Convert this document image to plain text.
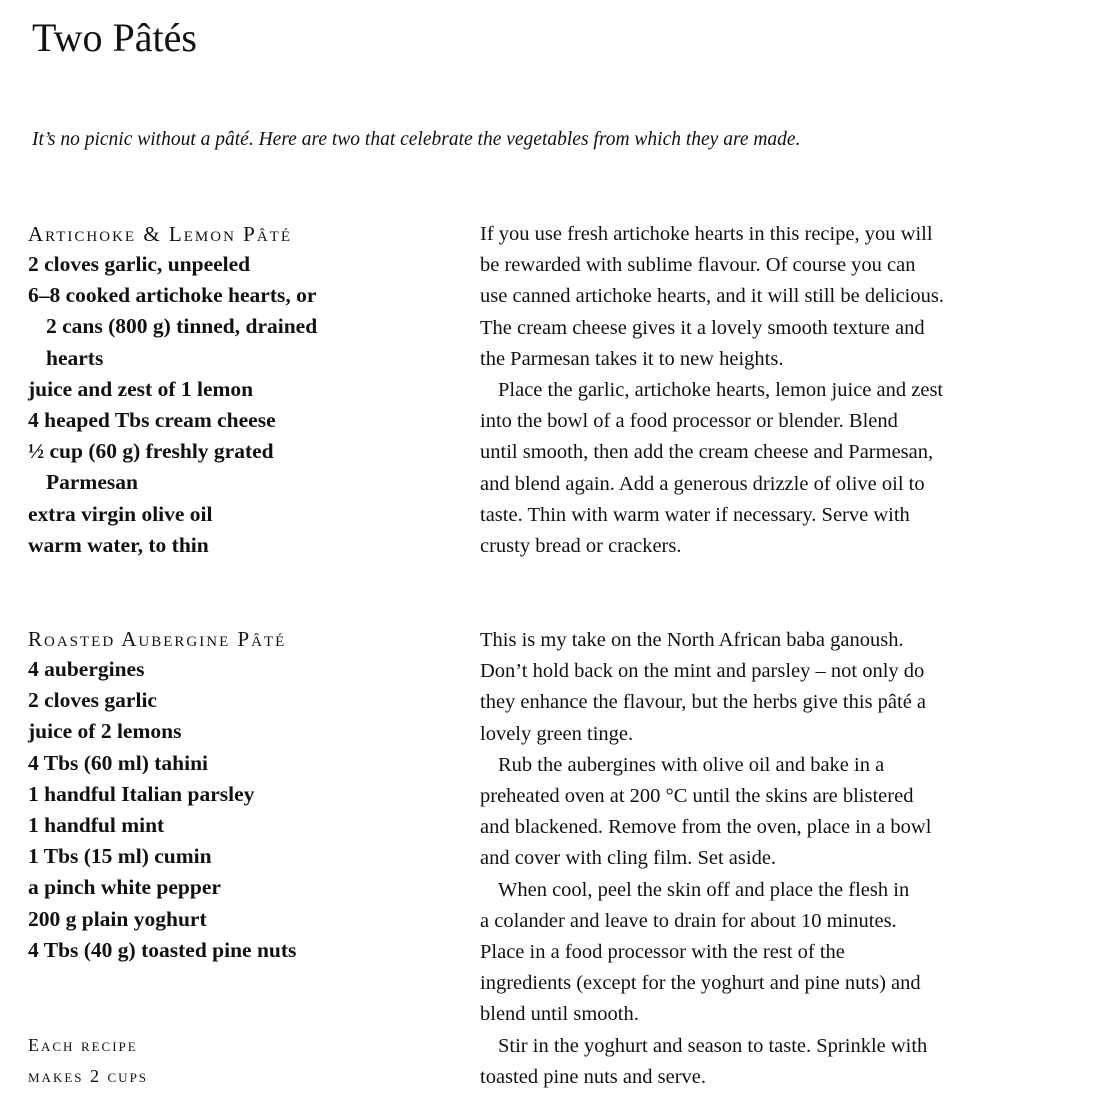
Two Pâtés

It’s no picnic without a pâté. Here are two that celebrate the vegetables from which they are made.

Artichoke & Lemon Pâté
2 cloves garlic, unpeeled
6–8 cooked artichoke hearts, or
2 cans (800 g) tinned, drained
hearts
juice and zest of 1 lemon
4 heaped Tbs cream cheese
½ cup (60 g) freshly grated
Parmesan
extra virgin olive oil
warm water, to thin

If you use fresh artichoke hearts in this recipe, you will

be rewarded with sublime flavour. Of course you can

use canned artichoke hearts, and it will still be delicious.

The cream cheese gives it a lovely smooth texture and

the Parmesan takes it to new heights.

Place the garlic, artichoke hearts, lemon juice and zest

into the bowl of a food processor or blender. Blend

until smooth, then add the cream cheese and Parmesan,

and blend again. Add a generous drizzle of olive oil to

taste. Thin with warm water if necessary. Serve with

crusty bread or crackers.

Roasted Aubergine Pâté
4 aubergines
2 cloves garlic
juice of 2 lemons
4 Tbs (60 ml) tahini
1 handful Italian parsley
1 handful mint
1 Tbs (15 ml) cumin
a pinch white pepper
200 g plain yoghurt
4 Tbs (40 g) toasted pine nuts

This is my take on the North African baba ganoush.

Don’t hold back on the mint and parsley – not only do

they enhance the flavour, but the herbs give this pâté a

lovely green tinge.

Rub the aubergines with olive oil and bake in a

preheated oven at 200 °C until the skins are blistered

and blackened. Remove from the oven, place in a bowl

and cover with cling film. Set aside.

When cool, peel the skin off and place the flesh in

a colander and leave to drain for about 10 minutes.

Place in a food processor with the rest of the

ingredients (except for the yoghurt and pine nuts) and

blend until smooth.

Stir in the yoghurt and season to taste. Sprinkle with

toasted pine nuts and serve.

Each recipe
makes 2 cups
